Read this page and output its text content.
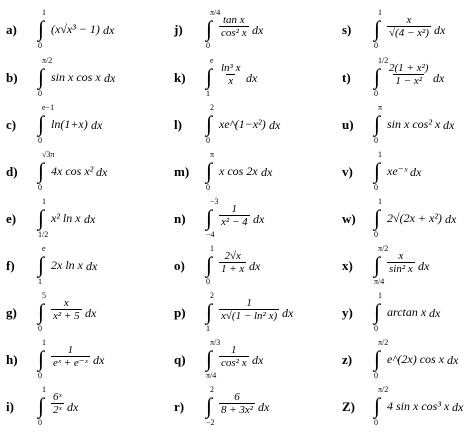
a) ∫
1
0
(x√x³ − 1) dx
b) ∫
π/2
0
sin x cos x dx
c) ∫
e−1
0
ln(1+x) dx
d) ∫
√3π
0
4x cos x² dx
e) ∫
1
1/2
x² ln x dx
f)	∫
e
1
2x ln x dx
g) ∫
5
0
$\frac{x}{\text{x² + 5}}$ dx
h) ∫
1
0
$\frac{1}{\text{eˣ + e⁻ˣ}}$ dx
i)	∫
1
0
$\frac{\text{6ˣ}}{\text{2ˣ}}$ dx
j)	∫
π/4
0
$\frac{\text{tan x}}{\text{cos² x}}$ dx
k) ∫
e
1
$\frac{\text{ln³ x}}{x}$ dx
l)	∫
2
0
xe^(1−x²) dx
m) ∫
π
0
x cos 2x dx
n) ∫
−3
−4
$\frac{1}{\text{x² − 4}}$ dx
o) ∫
1
0
$\frac{2√x}{1 + x}$ dx
p) ∫
2
1
$\frac{1}{\text{x√(1 − ln² x)}}$ dx
q) ∫
π/3
π/4
$\frac{1}{\text{cos² x}}$ dx
r) ∫
2
−2
$\frac{6}{\text{8 + 3x²}}$ dx
s)	∫
1
0
$\frac{x}{\text{√(4 − x²)}}$ dx
t)	∫
1/2
0
$\frac{\text{2(1 + x²)}}{\text{1 − x²}}$ dx
u) ∫
π
0
sin x cos² x dx
v) ∫
1
0
xe⁻ˣ dx
w) ∫
1
0
2√(2x + x²) dx
x) ∫
π/2
π/4
$\frac{x}{\text{sin² x}}$ dx
y) ∫
1
0
arctan x dx
z) ∫
π/2
0
e^(2x) cos x dx
Z) ∫
π/2
0
4 sin x cos³ x dx
